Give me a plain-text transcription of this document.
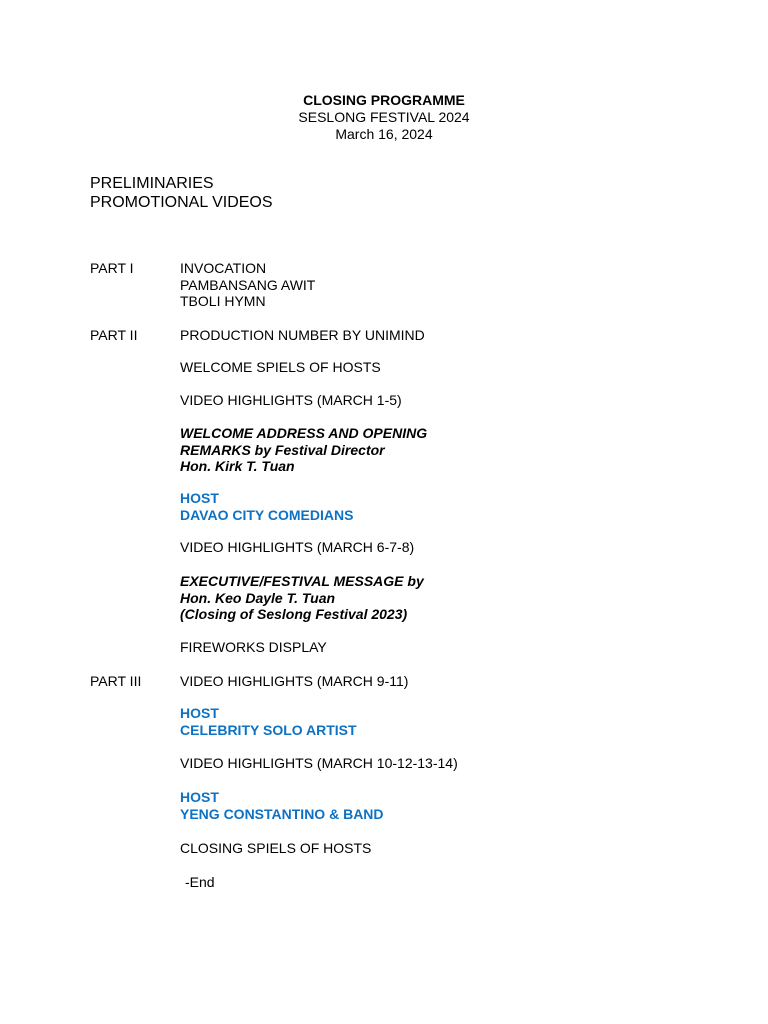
CLOSING PROGRAMME
SESLONG FESTIVAL 2024
March 16, 2024
PRELIMINARIES
PROMOTIONAL VIDEOS
PART I	INVOCATION
PAMBANSANG AWIT
TBOLI HYMN
PART II	PRODUCTION NUMBER BY UNIMIND
WELCOME SPIELS OF HOSTS
VIDEO HIGHLIGHTS (MARCH 1-5)
WELCOME ADDRESS AND OPENING
REMARKS by Festival Director
Hon. Kirk T. Tuan
HOST
DAVAO CITY COMEDIANS
VIDEO HIGHLIGHTS (MARCH 6-7-8)
EXECUTIVE/FESTIVAL MESSAGE by
Hon. Keo Dayle T. Tuan
(Closing of Seslong Festival 2023)
FIREWORKS DISPLAY
PART III	VIDEO HIGHLIGHTS (MARCH 9-11)
HOST
CELEBRITY SOLO ARTIST
VIDEO HIGHLIGHTS (MARCH 10-12-13-14)
HOST
YENG CONSTANTINO & BAND
CLOSING SPIELS OF HOSTS
-End
